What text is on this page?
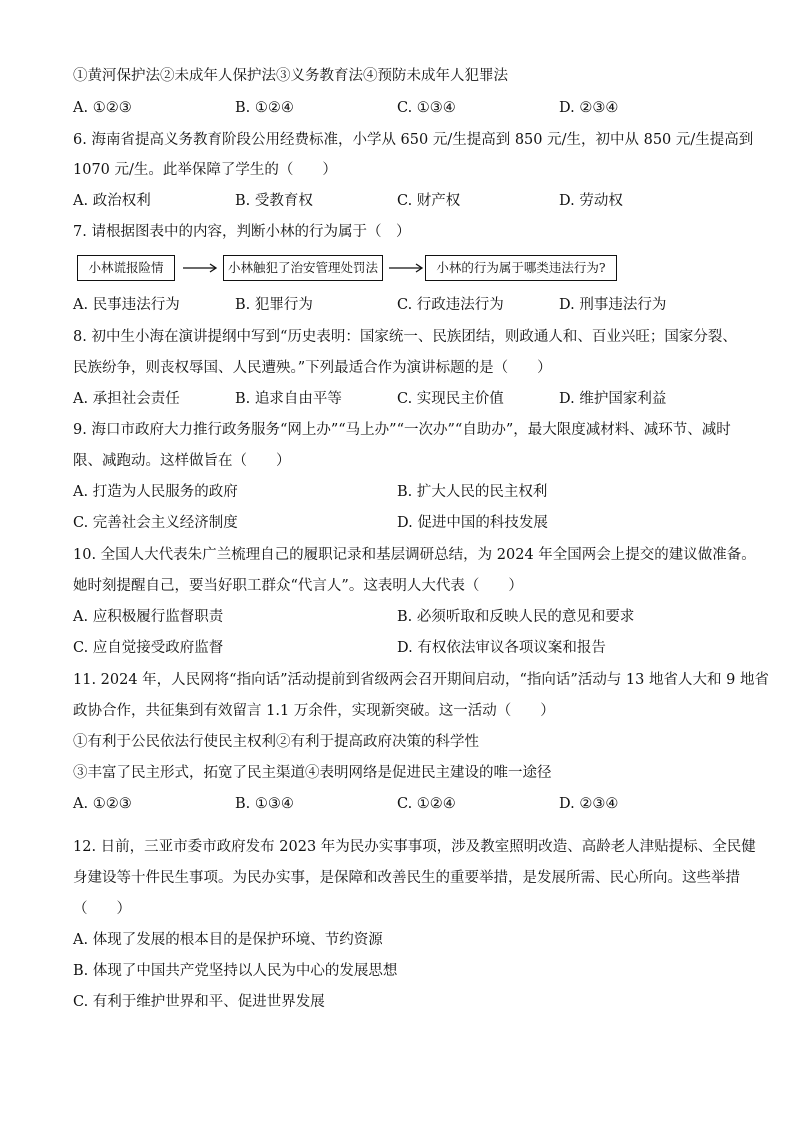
①黄河保护法②未成年人保护法③义务教育法④预防未成年人犯罪法
A. ①②③	B. ①②④	C. ①③④	D. ②③④
6. 海南省提高义务教育阶段公用经费标准，小学从 650 元/生提高到 850 元/生，初中从 850 元/生提高到
1070 元/生。此举保障了学生的（　　）
A. 政治权利	B. 受教育权	C. 财产权	D. 劳动权
7. 请根据图表中的内容，判断小林的行为属于（　）
小林谎报险情	小林触犯了治安管理处罚法	小林的行为属于哪类违法行为?
A. 民事违法行为	B. 犯罪行为	C. 行政违法行为	D. 刑事违法行为
8. 初中生小海在演讲提纲中写到“历史表明：国家统一、民族团结，则政通人和、百业兴旺；国家分裂、
民族纷争，则丧权辱国、人民遭殃。”下列最适合作为演讲标题的是（　　）
A. 承担社会责任	B. 追求自由平等	C. 实现民主价值	D. 维护国家利益
9. 海口市政府大力推行政务服务“网上办”“马上办”“一次办”“自助办”，最大限度减材料、减环节、减时
限、减跑动。这样做旨在（　　）
A. 打造为人民服务的政府	B. 扩大人民的民主权利
C. 完善社会主义经济制度	D. 促进中国的科技发展
10. 全国人大代表朱广兰梳理自己的履职记录和基层调研总结，为 2024 年全国两会上提交的建议做准备。
她时刻提醒自己，要当好职工群众“代言人”。这表明人大代表（　　）
A. 应积极履行监督职责	B. 必须听取和反映人民的意见和要求
C. 应自觉接受政府监督	D. 有权依法审议各项议案和报告
11. 2024 年，人民网将“指向话”活动提前到省级两会召开期间启动，“指向话”活动与 13 地省人大和 9 地省
政协合作，共征集到有效留言 1.1 万余件，实现新突破。这一活动（　　）
①有利于公民依法行使民主权利②有利于提高政府决策的科学性
③丰富了民主形式，拓宽了民主渠道④表明网络是促进民主建设的唯一途径
A. ①②③	B. ①③④	C. ①②④	D. ②③④
12. 日前，三亚市委市政府发布 2023 年为民办实事事项，涉及教室照明改造、高龄老人津贴提标、全民健
身建设等十件民生事项。为民办实事，是保障和改善民生的重要举措，是发展所需、民心所向。这些举措
（　　）
A. 体现了发展的根本目的是保护环境、节约资源
B. 体现了中国共产党坚持以人民为中心的发展思想
C. 有利于维护世界和平、促进世界发展
